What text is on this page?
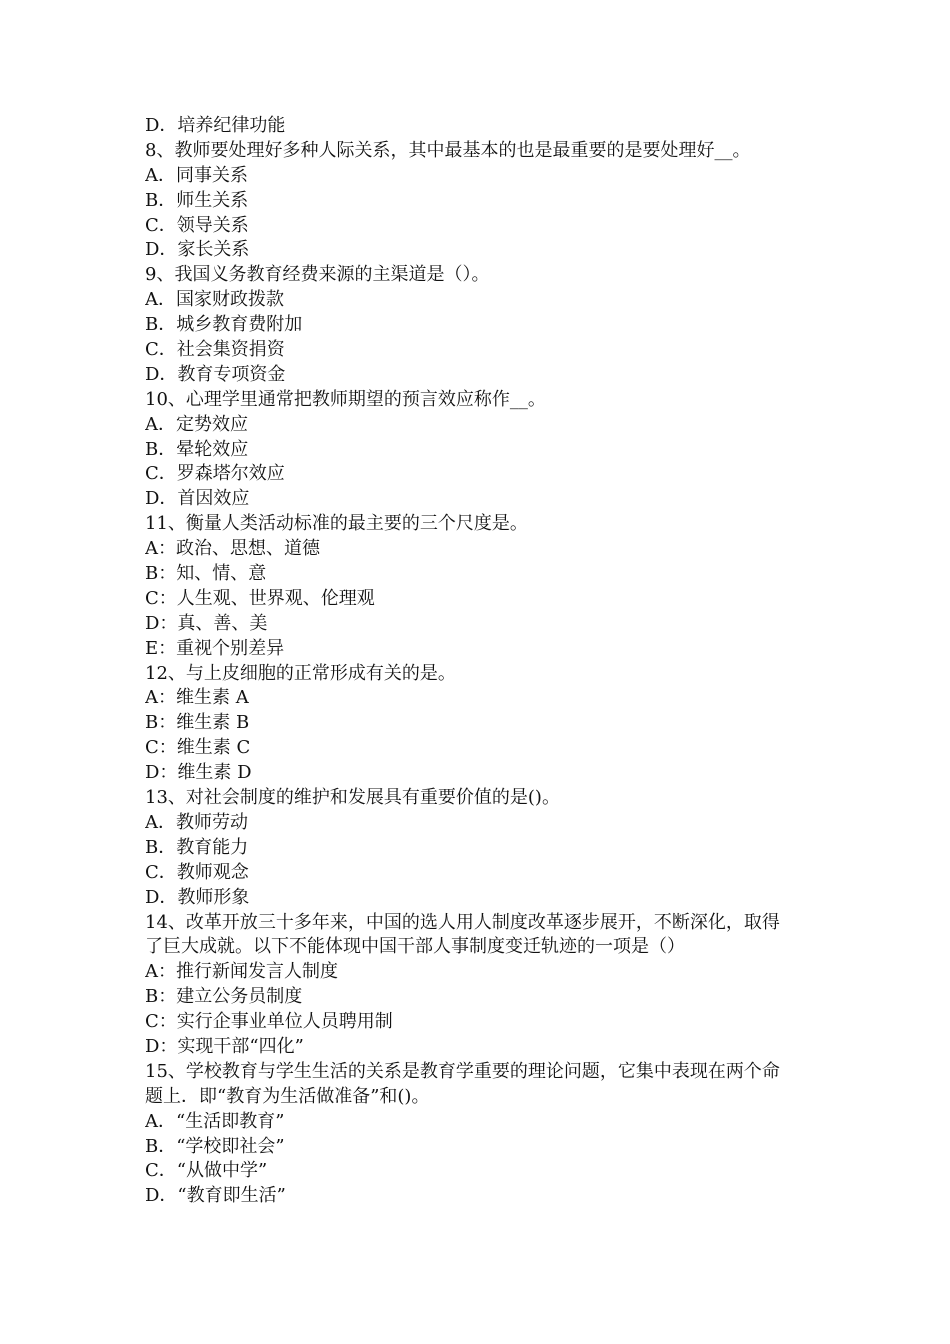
D．培养纪律功能
8、教师要处理好多种人际关系，其中最基本的也是最重要的是要处理好__。
A．同事关系
B．师生关系
C．领导关系
D．家长关系
9、我国义务教育经费来源的主渠道是（）。
A．国家财政拨款
B．城乡教育费附加
C．社会集资捐资
D．教育专项资金
10、心理学里通常把教师期望的预言效应称作__。
A．定势效应
B．晕轮效应
C．罗森塔尔效应
D．首因效应
11、衡量人类活动标准的最主要的三个尺度是。
A：政治、思想、道德
B：知、情、意
C：人生观、世界观、伦理观
D：真、善、美
E：重视个别差异
12、与上皮细胞的正常形成有关的是。
A：维生素 A
B：维生素 B
C：维生素 C
D：维生素 D
13、对社会制度的维护和发展具有重要价值的是()。
A．教师劳动
B．教育能力
C．教师观念
D．教师形象
14、改革开放三十多年来，中国的选人用人制度改革逐步展开，不断深化，取得
了巨大成就。以下不能体现中国干部人事制度变迁轨迹的一项是（）
A：推行新闻发言人制度
B：建立公务员制度
C：实行企事业单位人员聘用制
D：实现干部“四化”
15、学校教育与学生生活的关系是教育学重要的理论问题，它集中表现在两个命
题上．即“教育为生活做准备”和()。
A．“生活即教育”
B．“学校即社会”
C．“从做中学”
D．“教育即生活”
